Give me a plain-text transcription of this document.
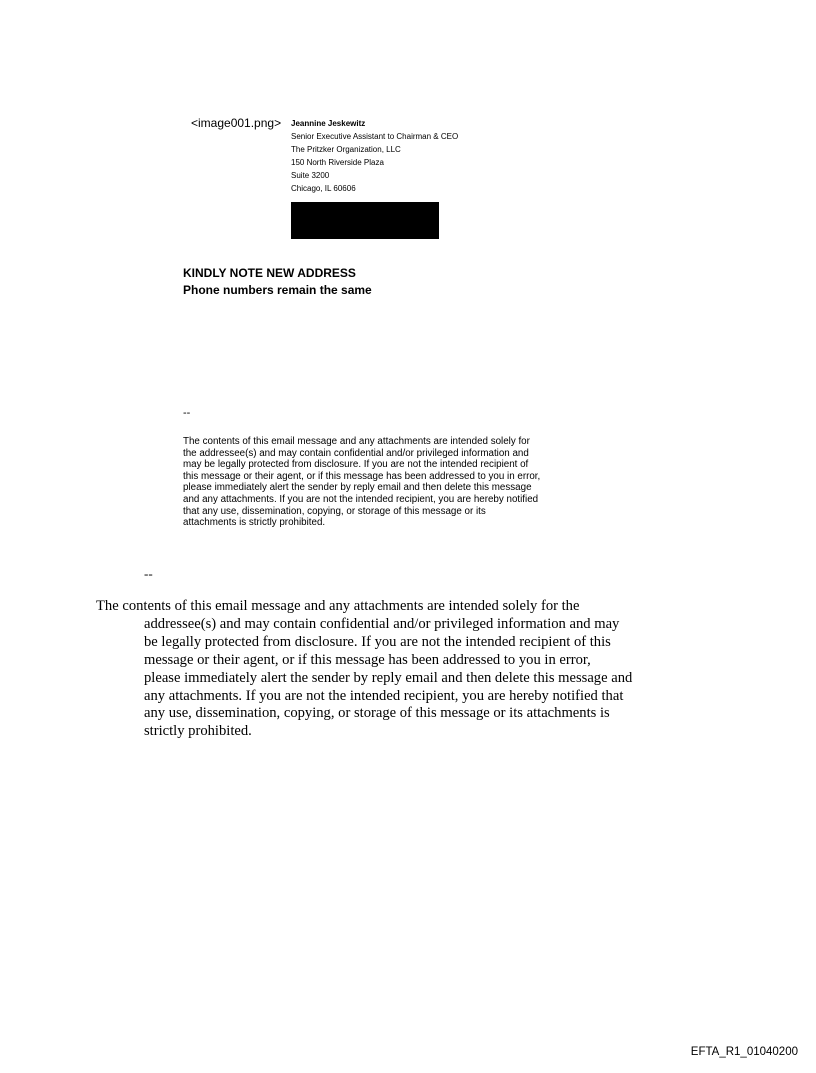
<image001.png> Jeannine Jeskewitz
Senior Executive Assistant to Chairman & CEO
The Pritzker Organization, LLC
150 North Riverside Plaza
Suite 3200
Chicago, IL 60606
KINDLY NOTE NEW ADDRESS
Phone numbers remain the same
--
The contents of this email message and any attachments are intended solely for
the addressee(s) and may contain confidential and/or privileged information and
may be legally protected from disclosure. If you are not the intended recipient of
this message or their agent, or if this message has been addressed to you in error,
please immediately alert the sender by reply email and then delete this message
and any attachments. If you are not the intended recipient, you are hereby notified
that any use, dissemination, copying, or storage of this message or its
attachments is strictly prohibited.
--
The contents of this email message and any attachments are intended solely for the
addressee(s) and may contain confidential and/or privileged information and may
be legally protected from disclosure. If you are not the intended recipient of this
message or their agent, or if this message has been addressed to you in error,
please immediately alert the sender by reply email and then delete this message and
any attachments. If you are not the intended recipient, you are hereby notified that
any use, dissemination, copying, or storage of this message or its attachments is
strictly prohibited.
EFTA_R1_01040200
